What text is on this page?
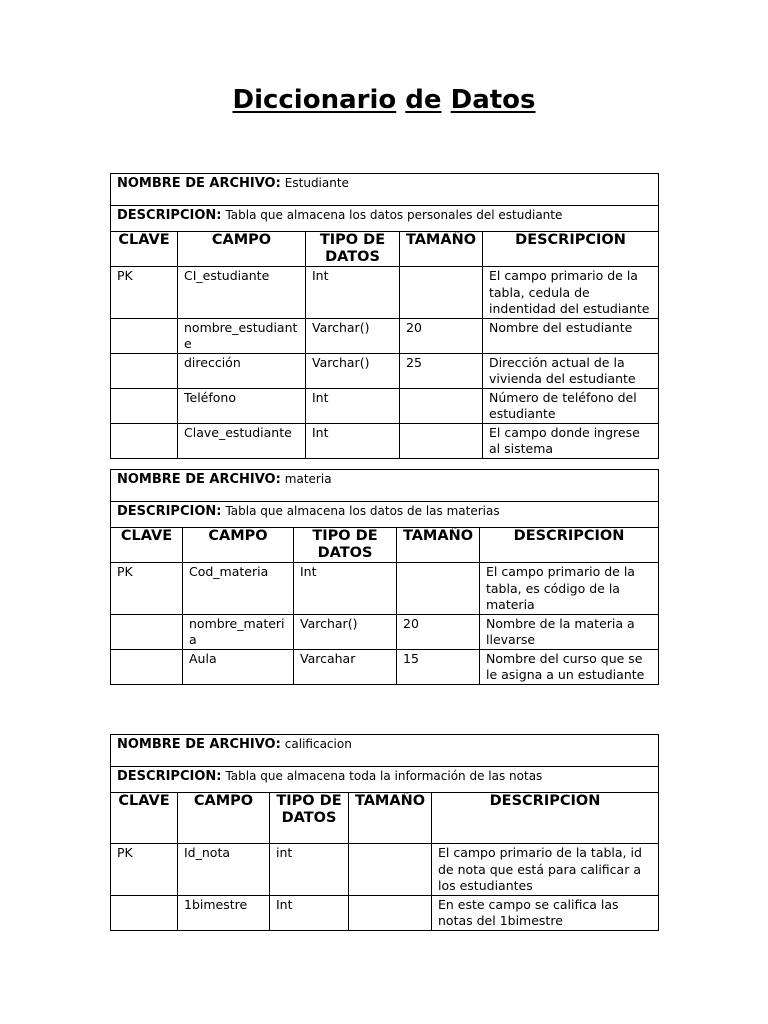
Diccionario de Datos
NOMBRE DE ARCHIVO: Estudiante				
DESCRIPCION: Tabla que almacena los datos personales del estudiante				
CLAVE	CAMPO	TIPO DE DATOS	TAMAÑO	DESCRIPCION
PK	CI_estudiante	Int		El campo primario de la tabla, cedula de indentidad del estudiante
	nombre_estudiante	Varchar()	20	Nombre del estudiante
	dirección	Varchar()	25	Dirección actual de la vivienda del estudiante
	Teléfono	Int		Número de teléfono del estudiante
	Clave_estudiante	Int		El campo donde ingrese al sistema
NOMBRE DE ARCHIVO: materia				
DESCRIPCION: Tabla que almacena los datos de las materias				
CLAVE	CAMPO	TIPO DE DATOS	TAMAÑO	DESCRIPCION
PK	Cod_materia	Int		El campo primario de la tabla, es código de la materia
	nombre_materia	Varchar()	20	Nombre de la materia a llevarse
	Aula	Varcahar	15	Nombre del curso que se le asigna a un estudiante
NOMBRE DE ARCHIVO: calificacion				
DESCRIPCION: Tabla que almacena toda la información de las notas				
CLAVE	CAMPO	TIPO DE DATOS	TAMAÑO	DESCRIPCION
PK	Id_nota	int		El campo primario de la tabla, id de nota que está para calificar a los estudiantes
	1bimestre	Int		En este campo se califica las notas del 1bimestre
